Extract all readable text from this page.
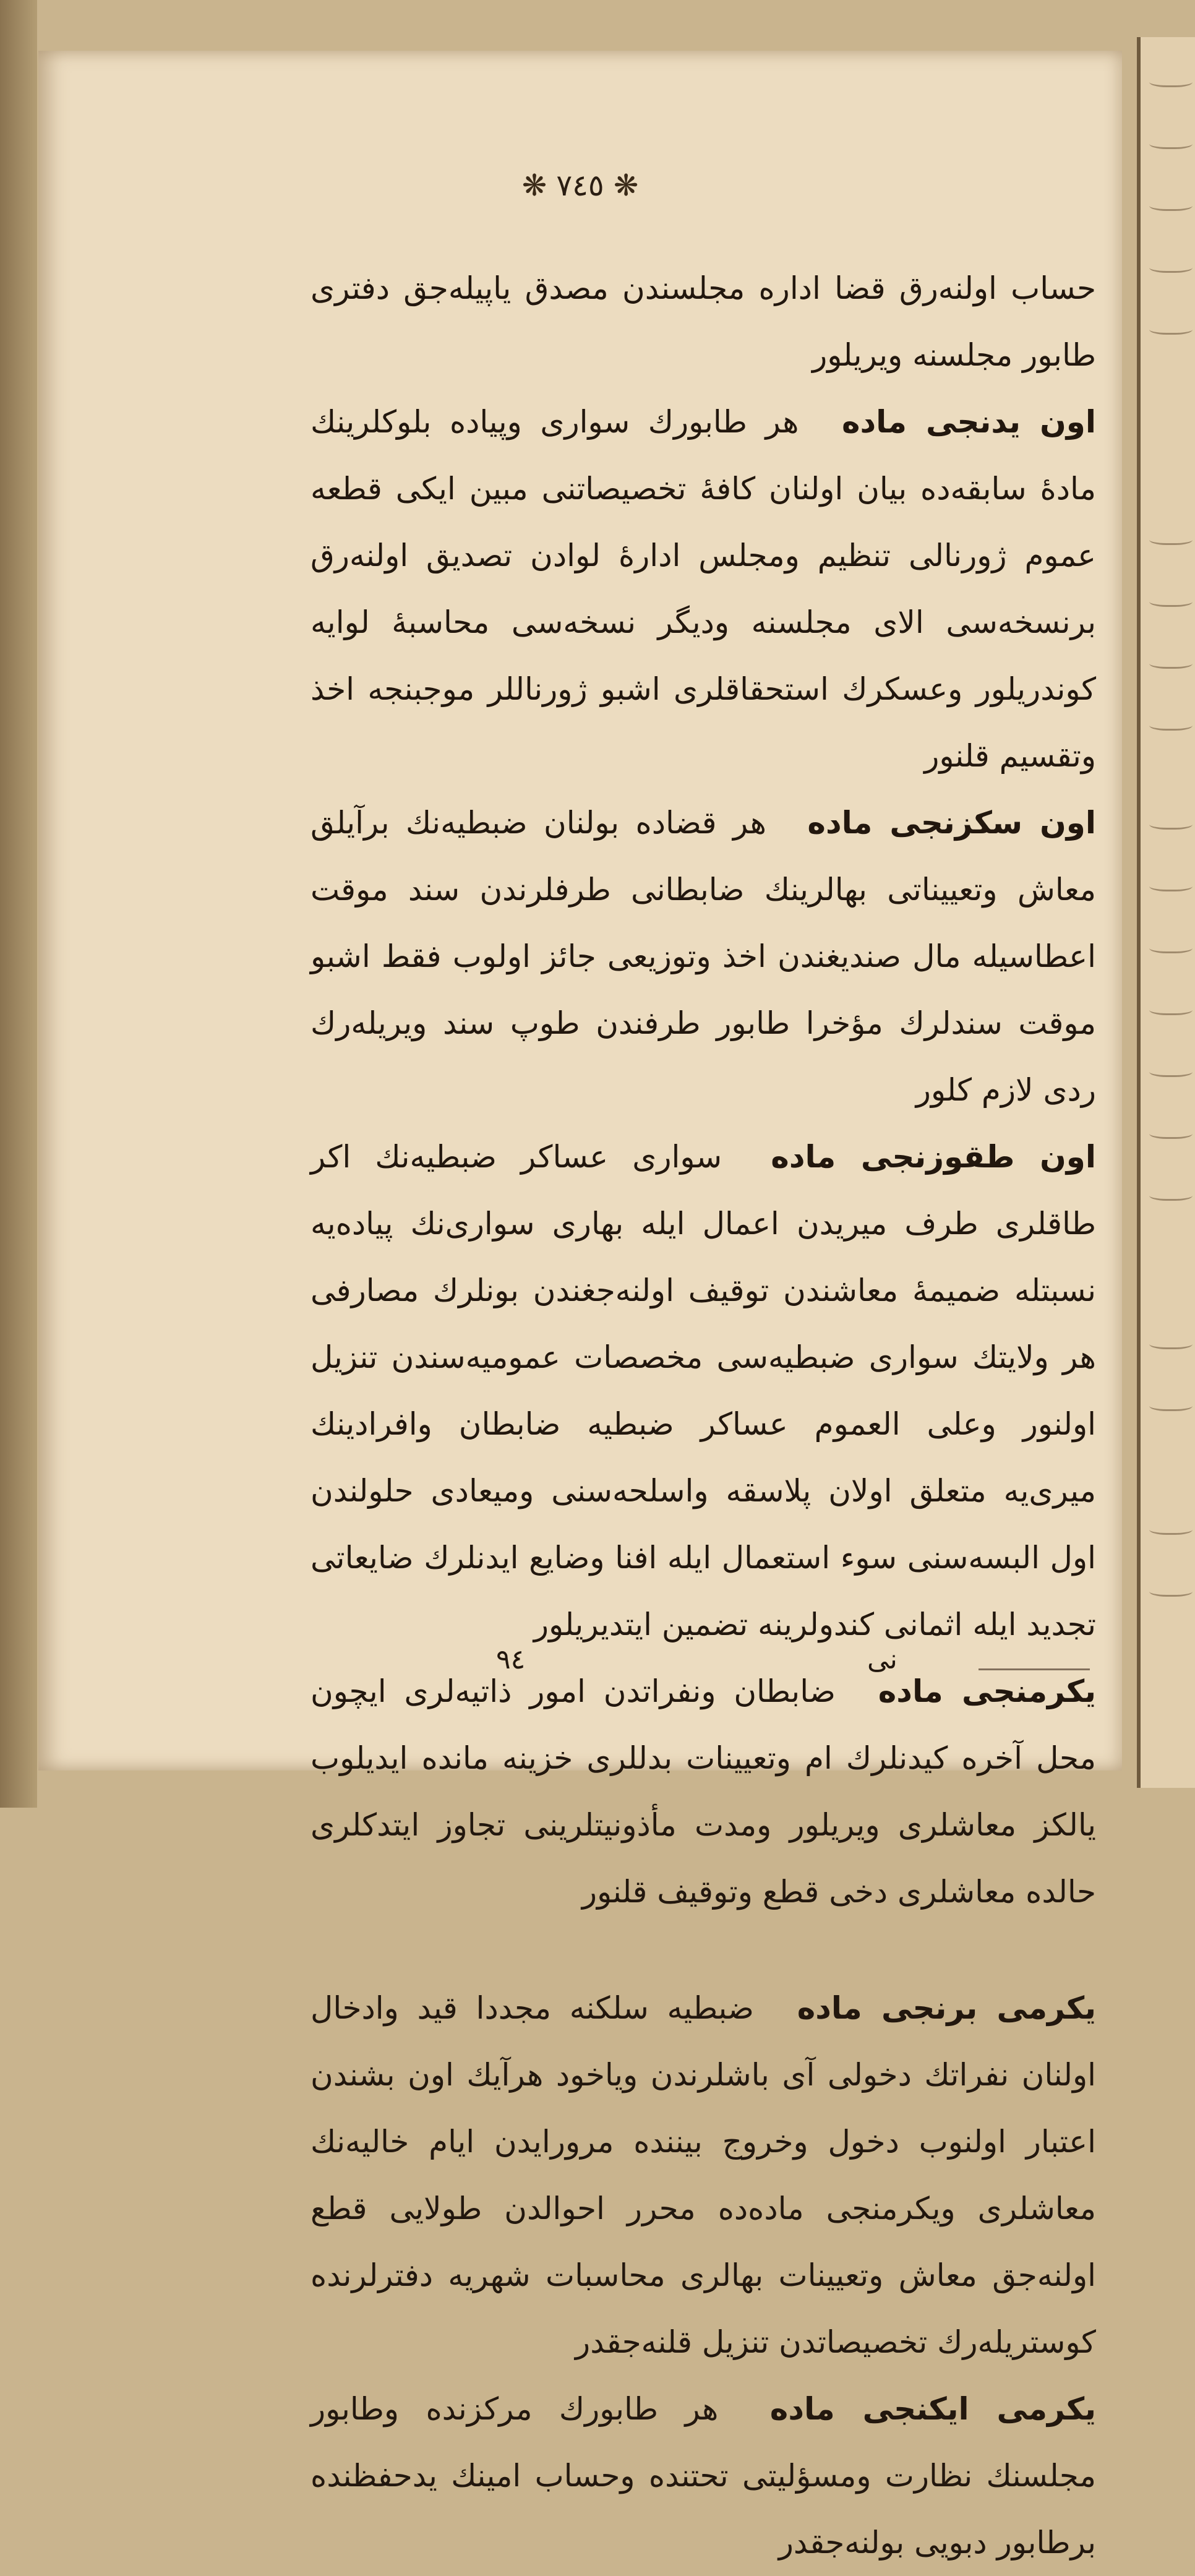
❋ ۷٤٥ ❋

حساب اولنه‌رق قضا اداره مجلسندن مصدق یاپیله‌جق دفتری طابور مجلسنه ویریلور

اون یدنجی ماده هر طابورك سواری وپیاده بلوکلرینك مادهٔ سابقه‌ده بیان اولنان کافهٔ تخصیصاتنی مبین ایکی قطعه عموم ژورنالی تنظیم ومجلس ادارهٔ لوادن تصدیق اولنه‌رق برنسخه‌سی الای مجلسنه ودیگر نسخه‌سی محاسبهٔ لوایه کوندریلور وعسکرك استحقاقلری اشبو ژورناللر موجبنجه اخذ وتقسیم قلنور

اون سکزنجی ماده هر قضاده بولنان ضبطیه‌نك برآیلق معاش وتعییناتی بهالرینك ضابطانی طرفلرندن سند موقت اعطاسیله مال صندیغندن اخذ وتوزیعی جائز اولوب فقط اشبو موقت سندلرك مؤخرا طابور طرفندن طوپ سند ویریله‌رك ردی لازم کلور

اون طقوزنجی ماده سواری عساکر ضبطیه‌نك اکر طاقلری طرف میریدن اعمال ایله بهاری سواری‌نك پیاده‌یه نسبتله ضمیمهٔ معاشندن توقیف اولنه‌جغندن بونلرك مصارفی هر ولایتك سواری ضبطیه‌سی مخصصات عمومیه‌سندن تنزیل اولنور وعلی العموم عساکر ضبطیه ضابطان وافرادینك میری‌یه متعلق اولان پلاسقه واسلحه‌سنی ومیعادی حلولندن اول البسه‌سنی سوء استعمال ایله افنا وضایع ایدنلرك ضایعاتی تجدید ایله اثمانی کندولرینه تضمین ایتدیریلور

یکرمنجی ماده ضابطان ونفراتدن امور ذاتیه‌لری ایچون محل آخره کیدنلرك ام وتعیینات بدللری خزینه مانده ایدیلوب یالکز معاشلری ویریلور ومدت مأذونیتلرینی تجاوز ایتدکلری حالده معاشلری دخی قطع وتوقیف قلنور

یکرمی برنجی ماده ضبطیه سلکنه مجددا قید وادخال اولنان نفراتك دخولی آی باشلرندن ویاخود هرآیك اون بشندن اعتبار اولنوب دخول وخروج بیننده مرورایدن ایام خالیه‌نك معاشلری ویکرمنجی ماده‌ده محرر احوالدن طولایی قطع اولنه‌جق معاش وتعیینات بهالری محاسبات شهریه دفترلرنده کوستریله‌رك تخصیصاتدن تنزیل قلنه‌جقدر

یکرمی ایکنجی ماده هر طابورك مرکزنده وطابور مجلسنك نظارت ومسؤلیتی تحتنده وحساب امینك یدحفظنده برطابور دبویی بولنه‌جقدر

٩٤	نی
